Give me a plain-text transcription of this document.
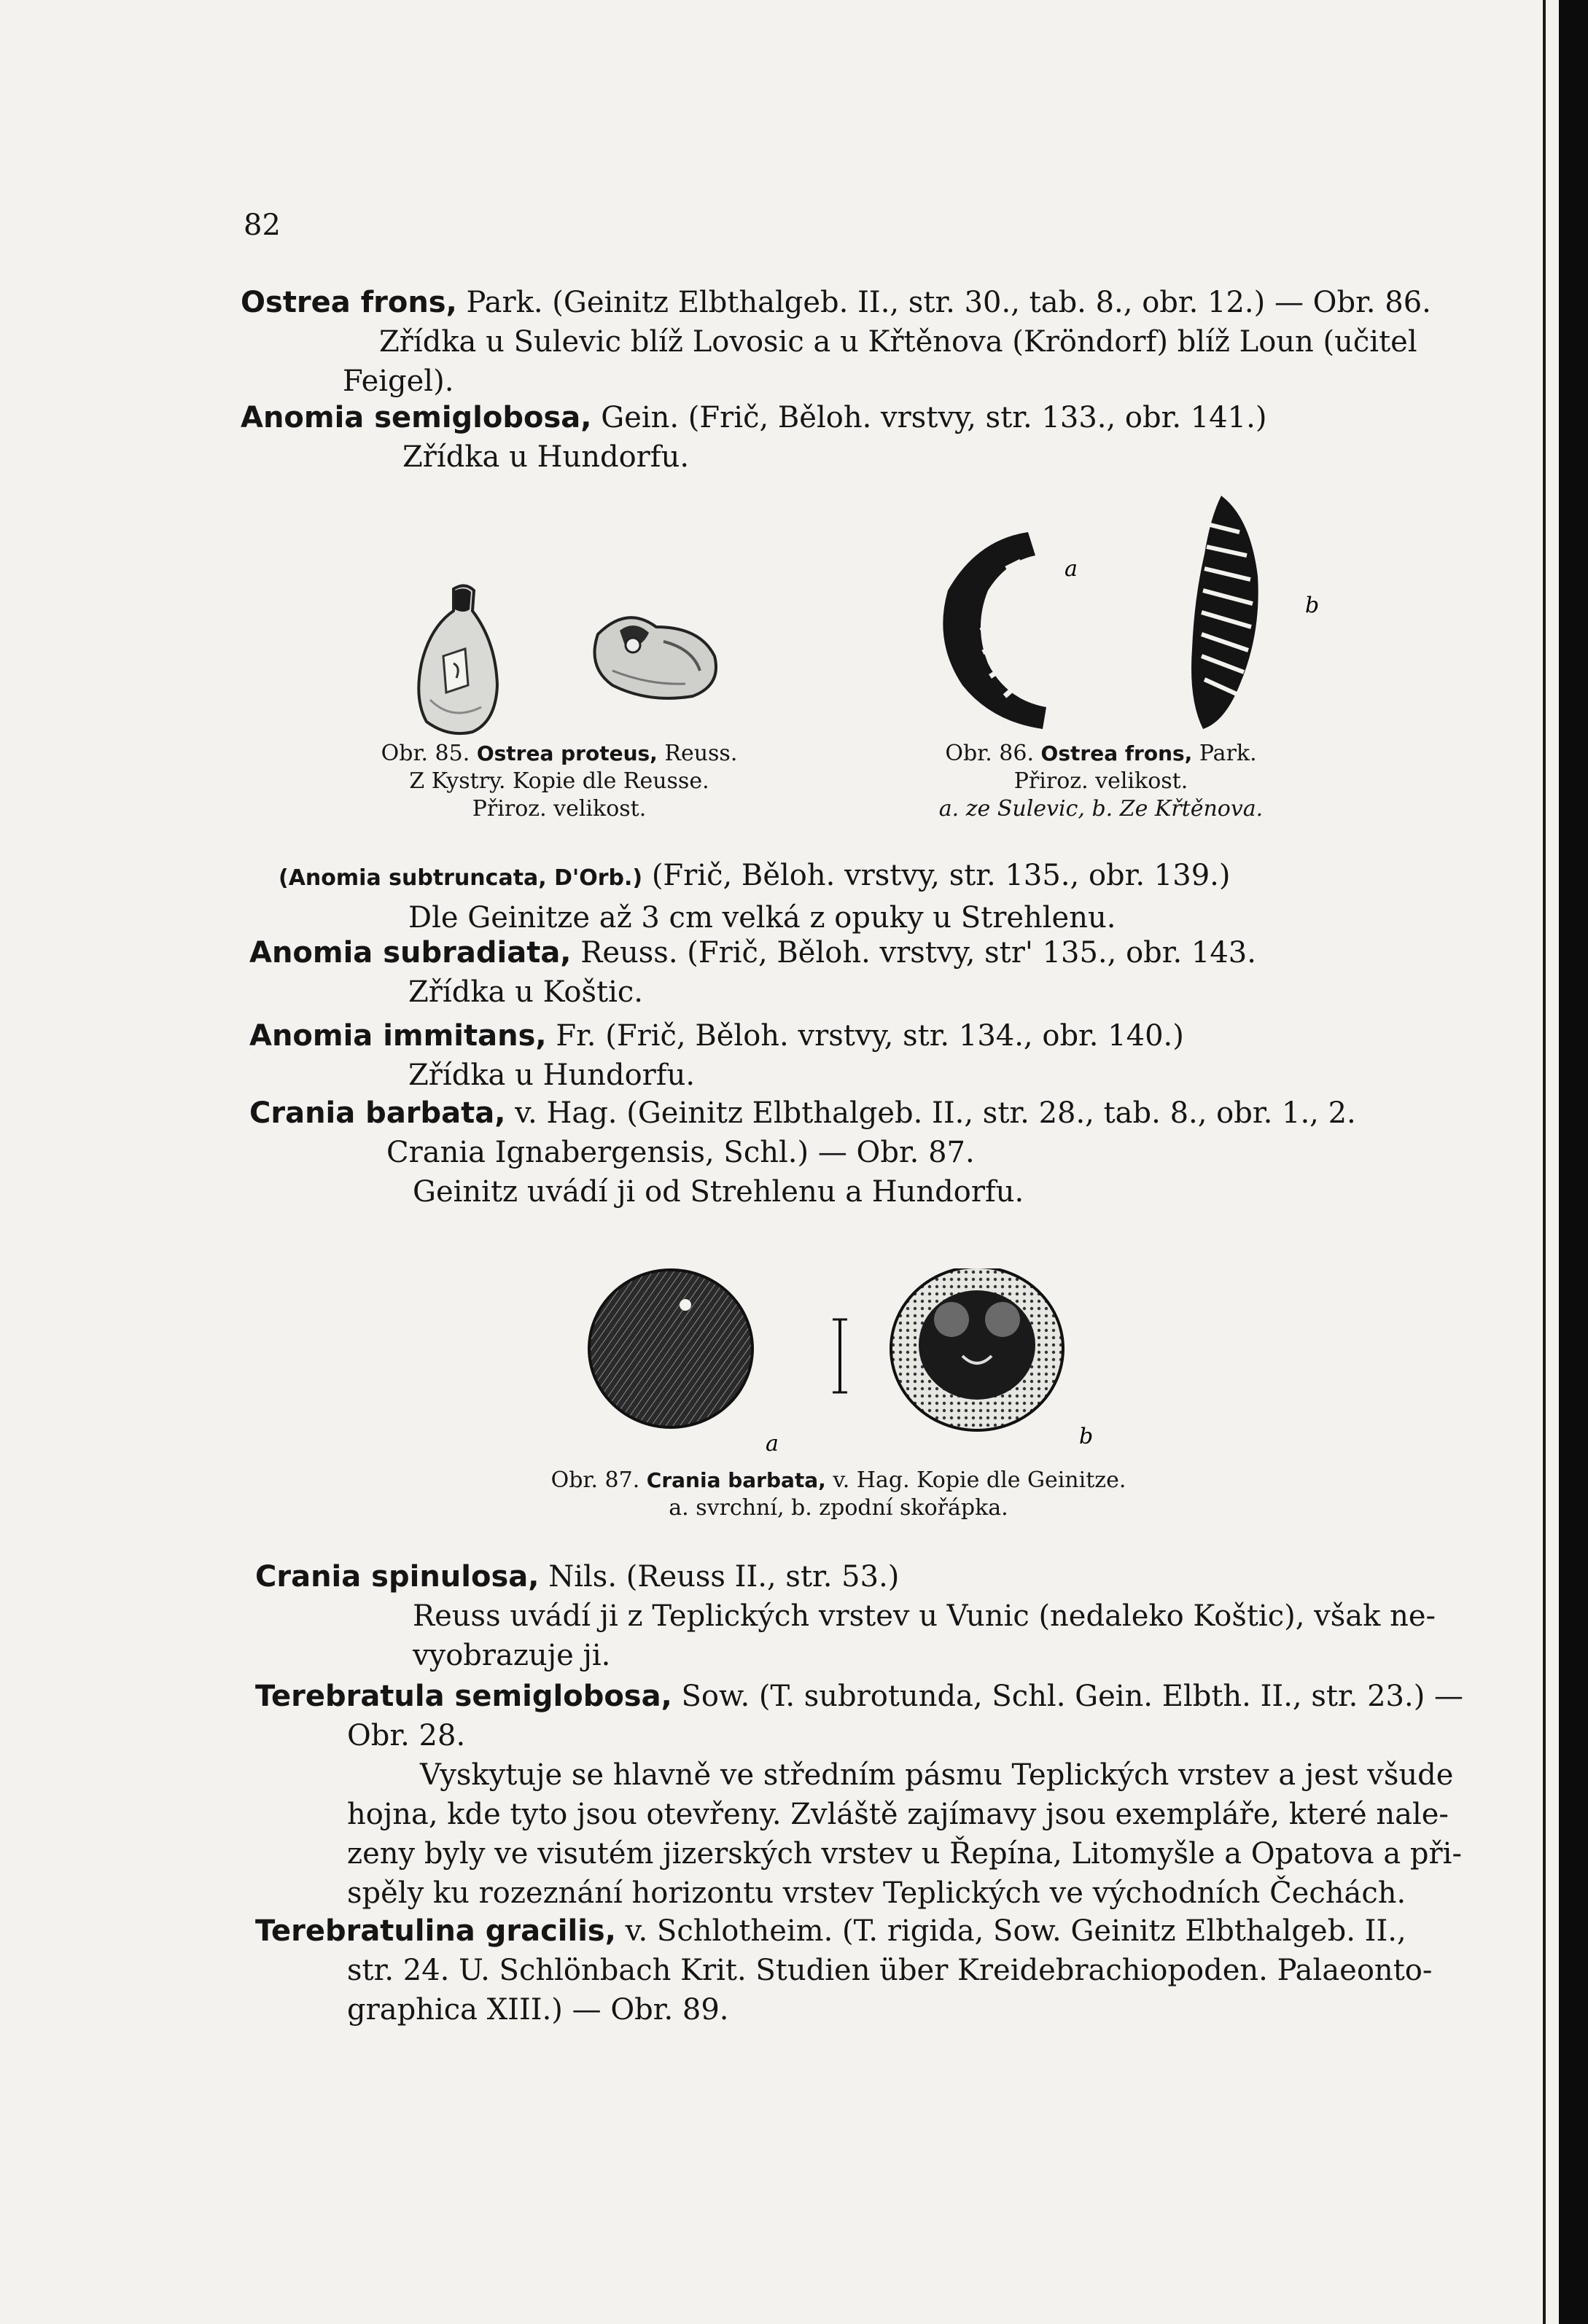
82
Ostrea frons, Park. (Geinitz Elbthalgeb. II., str. 30., tab. 8., obr. 12.) — Obr. 86.
Zřídka u Sulevic blíž Lovosic a u Křtěnova (Kröndorf) blíž Loun (učitel
Feigel).
Anomia semiglobosa, Gein. (Frič, Běloh. vrstvy, str. 133., obr. 141.)
Zřídka u Hundorfu.
a
b
Obr. 85. Ostrea proteus, Reuss.
Z Kystry. Kopie dle Reusse.
Přiroz. velikost.
Obr. 86. Ostrea frons, Park.
Přiroz. velikost.
a. ze Sulevic, b. Ze Křtěnova.
(Anomia subtruncata, D'Orb.) (Frič, Běloh. vrstvy, str. 135., obr. 139.)
Dle Geinitze až 3 cm velká z opuky u Strehlenu.
Anomia subradiata, Reuss. (Frič, Běloh. vrstvy, str' 135., obr. 143.
Zřídka u Koštic.
Anomia immitans, Fr. (Frič, Běloh. vrstvy, str. 134., obr. 140.)
Zřídka u Hundorfu.
Crania barbata, v. Hag. (Geinitz Elbthalgeb. II., str. 28., tab. 8., obr. 1., 2.
Crania Ignabergensis, Schl.) — Obr. 87.
Geinitz uvádí ji od Strehlenu a Hundorfu.
a	b
Obr. 87. Crania barbata, v. Hag. Kopie dle Geinitze.
a. svrchní, b. zpodní skořápka.
Crania spinulosa, Nils. (Reuss II., str. 53.)
Reuss uvádí ji z Teplických vrstev u Vunic (nedaleko Koštic), však ne-
vyobrazuje ji.
Terebratula semiglobosa, Sow. (T. subrotunda, Schl. Gein. Elbth. II., str. 23.) —
Obr. 28.
Vyskytuje se hlavně ve středním pásmu Teplických vrstev a jest všude
hojna, kde tyto jsou otevřeny. Zvláště zajímavy jsou exempláře, které nale-
zeny byly ve visutém jizerských vrstev u Řepína, Litomyšle a Opatova a při-
spěly ku rozeznání horizontu vrstev Teplických ve východních Čechách.
Terebratulina gracilis, v. Schlotheim. (T. rigida, Sow. Geinitz Elbthalgeb. II.,
str. 24. U. Schlönbach Krit. Studien über Kreidebrachiopoden. Palaeonto-
graphica XIII.) — Obr. 89.
